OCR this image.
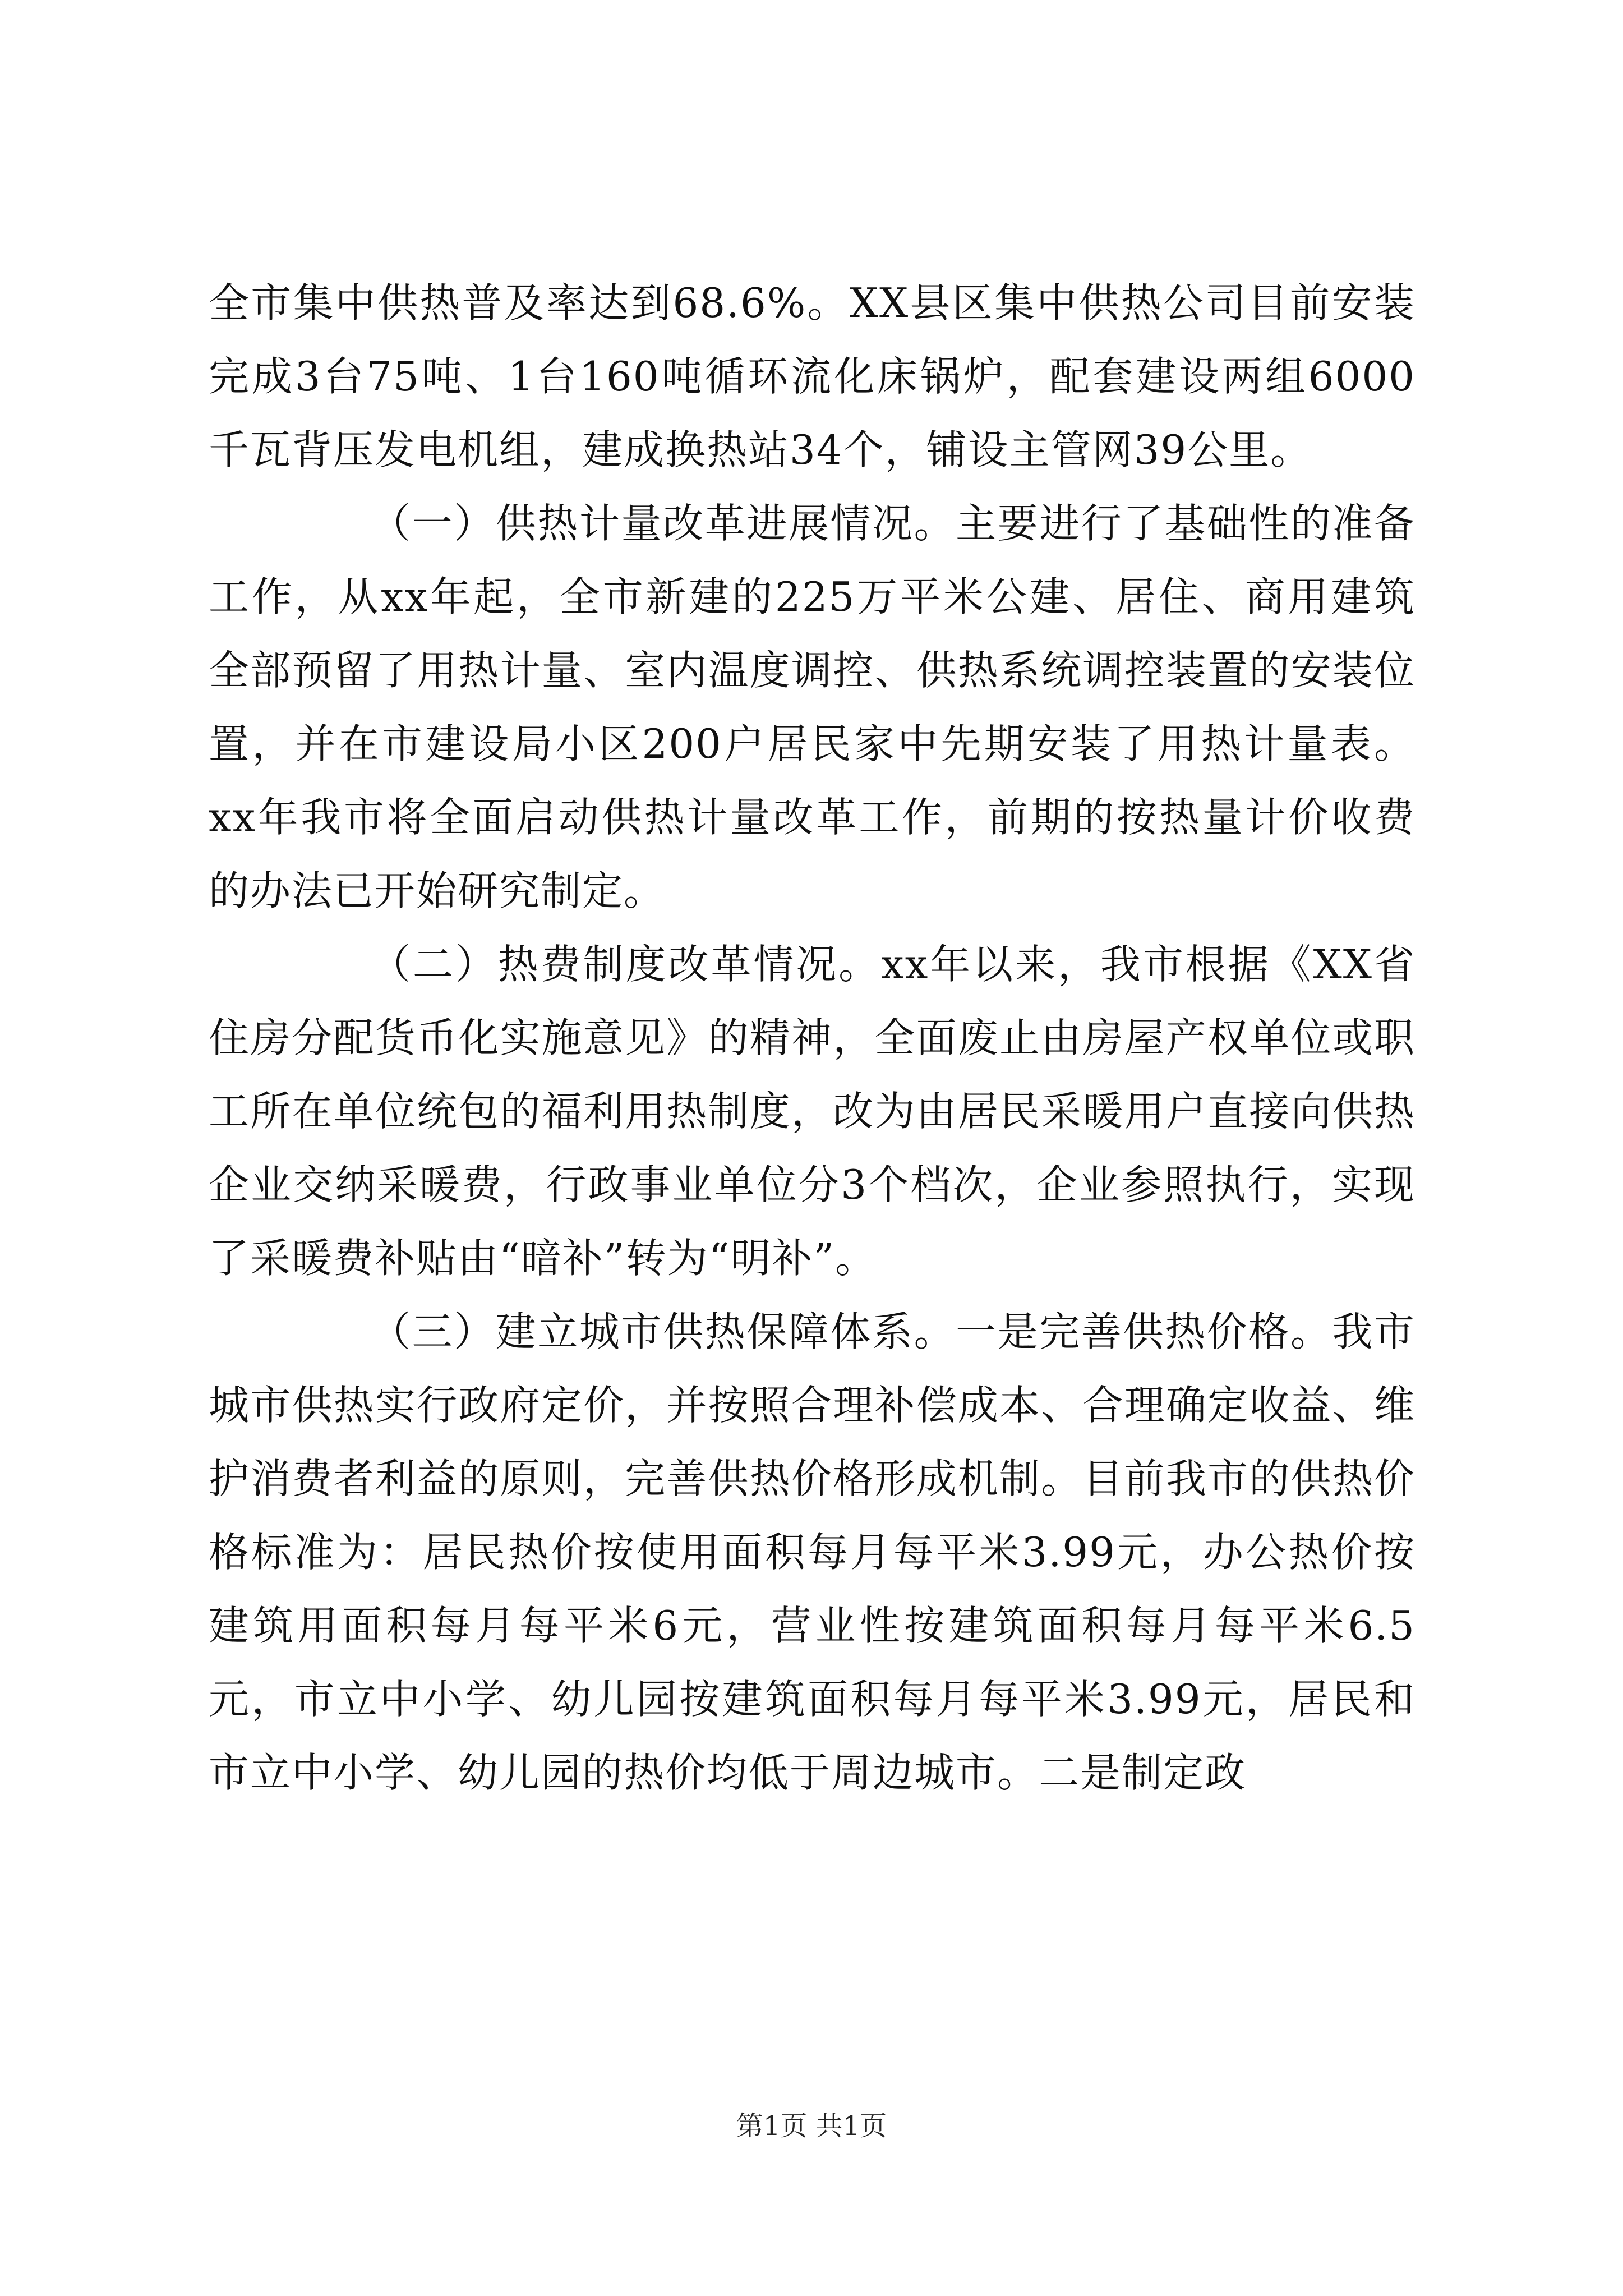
全市集中供热普及率达到68.6%。XX县区集中供热公司目前安装完成3台75吨、1台160吨循环流化床锅炉，配套建设两组6000千瓦背压发电机组，建成换热站34个，铺设主管网39公里。

（一）供热计量改革进展情况。主要进行了基础性的准备工作，从xx年起，全市新建的225万平米公建、居住、商用建筑全部预留了用热计量、室内温度调控、供热系统调控装置的安装位置，并在市建设局小区200户居民家中先期安装了用热计量表。xx年我市将全面启动供热计量改革工作，前期的按热量计价收费的办法已开始研究制定。

（二）热费制度改革情况。xx年以来，我市根据《XX省住房分配货币化实施意见》的精神，全面废止由房屋产权单位或职工所在单位统包的福利用热制度，改为由居民采暖用户直接向供热企业交纳采暖费，行政事业单位分3个档次，企业参照执行，实现了采暖费补贴由“暗补”转为“明补”。

（三）建立城市供热保障体系。一是完善供热价格。我市城市供热实行政府定价，并按照合理补偿成本、合理确定收益、维护消费者利益的原则，完善供热价格形成机制。目前我市的供热价格标准为：居民热价按使用面积每月每平米3.99元，办公热价按建筑用面积每月每平米6元，营业性按建筑面积每月每平米6.5元，市立中小学、幼儿园按建筑面积每月每平米3.99元，居民和市立中小学、幼儿园的热价均低于周边城市。二是制定政

第1页 共1页
